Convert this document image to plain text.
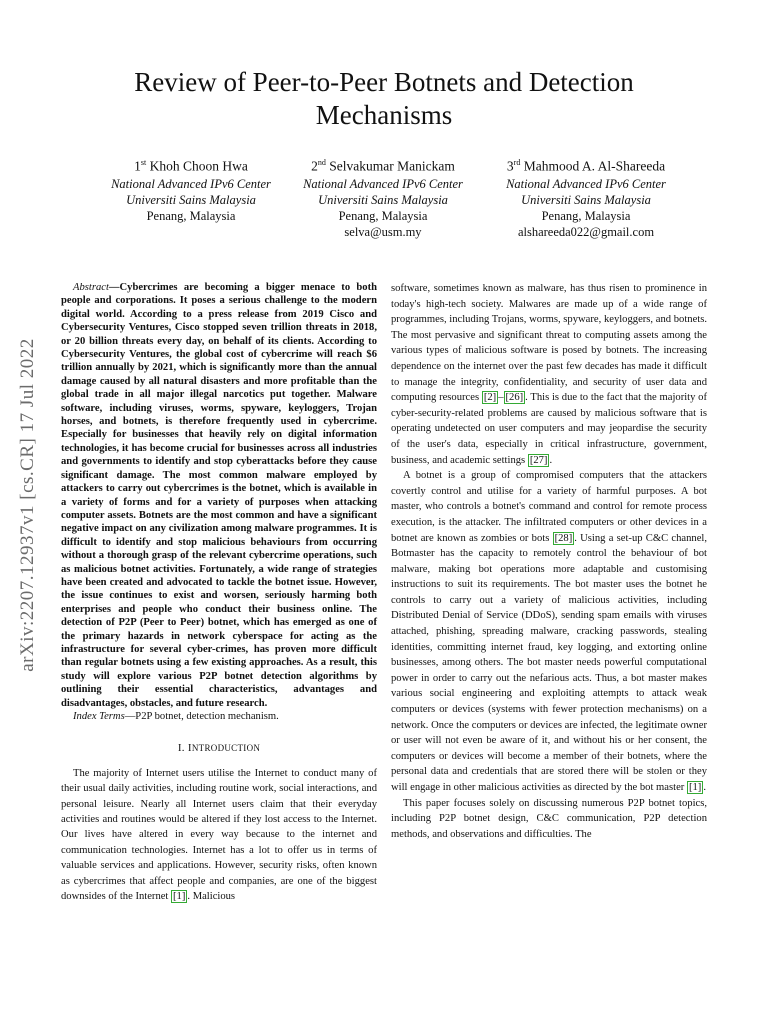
Review of Peer-to-Peer Botnets and Detection Mechanisms
1st Khoh Choon Hwa
National Advanced IPv6 Center
Universiti Sains Malaysia
Penang, Malaysia
2nd Selvakumar Manickam
National Advanced IPv6 Center
Universiti Sains Malaysia
Penang, Malaysia
selva@usm.my
3rd Mahmood A. Al-Shareeda
National Advanced IPv6 Center
Universiti Sains Malaysia
Penang, Malaysia
alshareeda022@gmail.com
arXiv:2207.12937v1 [cs.CR] 17 Jul 2022

Abstract—Cybercrimes are becoming a bigger menace to both people and corporations. It poses a serious challenge to the modern digital world. According to a press release from 2019 Cisco and Cybersecurity Ventures, Cisco stopped seven trillion threats in 2018, or 20 billion threats every day, on behalf of its clients. According to Cybersecurity Ventures, the global cost of cybercrime will reach $6 trillion annually by 2021, which is significantly more than the annual damage caused by all natural disasters and more profitable than the global trade in all major illegal narcotics put together. Malware software, including viruses, worms, spyware, keyloggers, Trojan horses, and botnets, is therefore frequently used in cybercrime. Especially for businesses that heavily rely on digital information technologies, it has become crucial for businesses across all industries and governments to identify and stop cyberattacks before they cause significant damage. The most common malware employed by attackers to carry out cybercrimes is the botnet, which is available in a variety of forms and for a variety of purposes when attacking computer assets. Botnets are the most common and have a significant negative impact on any civilization among malware programmes. It is difficult to identify and stop malicious behaviours from occurring without a thorough grasp of the relevant cybercrime operations, such as malicious botnet activities. Fortunately, a wide range of strategies have been created and advocated to tackle the botnet issue. However, the issue continues to exist and worsen, seriously harming both enterprises and people who conduct their business online. The detection of P2P (Peer to Peer) botnet, which has emerged as one of the primary hazards in network cyberspace for acting as the infrastructure for several cyber-crimes, has proven more difficult than regular botnets using a few existing approaches. As a result, this study will explore various P2P botnet detection algorithms by outlining their essential characteristics, advantages and disadvantages, obstacles, and future research.

Index Terms—P2P botnet, detection mechanism.

I. INTRODUCTION

The majority of Internet users utilise the Internet to conduct many of their usual daily activities, including routine work, social interactions, and personal leisure. Nearly all Internet users claim that their everyday activities and routines would be altered if they lost access to the Internet. Our lives have altered in every way because to the internet and communication technologies. Internet has a lot to offer us in terms of valuable services and applications. However, security risks, often known as cybercrimes that affect people and companies, are one of the biggest downsides of the Internet [1] . Malicious

software, sometimes known as malware, has thus risen to prominence in today's high-tech society. Malwares are made up of a wide range of programmes, including Trojans, worms, spyware, keyloggers, and botnets. The most pervasive and significant threat to computing assets among the various types of malicious software is posed by botnets. The increasing dependence on the internet over the past few decades has made it difficult to manage the integrity, confidentiality, and security of user data and computing resources [2] – [26] . This is due to the fact that the majority of cyber-security-related problems are caused by malicious software that is operating undetected on user computers and may jeopardise the security of the user's data, especially in critical infrastructure, government, business, and academic settings [27] .

A botnet is a group of compromised computers that the attackers covertly control and utilise for a variety of harmful purposes. A bot master, who controls a botnet's command and control for remote process execution, is the attacker. The infiltrated computers or other devices in a botnet are known as zombies or bots [28] . Using a set-up C&C channel, Botmaster has the capacity to remotely control the behaviour of bot malware, making bot operations more adaptable and customising instructions to suit its requirements. The bot master uses the botnet he controls to carry out a variety of malicious activities, including Distributed Denial of Service (DDoS), sending spam emails with viruses attached, phishing, spreading malware, cracking passwords, stealing identities, committing internet fraud, key logging, and extorting online businesses, among others. The bot master needs powerful computational power in order to carry out the nefarious acts. Thus, a bot master makes various social engineering and exploiting attempts to attack weak computers or devices (systems with fewer protection mechanisms) on a network. Once the computers or devices are infected, the legitimate owner or user will not even be aware of it, and without his or her consent, the computers or devices will become a member of their botnets, where the personal data and credentials that are stored there will be stolen or they will engage in other malicious activities as directed by the bot master [1] .

This paper focuses solely on discussing numerous P2P botnet topics, including P2P botnet design, C&C communication, P2P detection methods, and observations and difficulties. The
